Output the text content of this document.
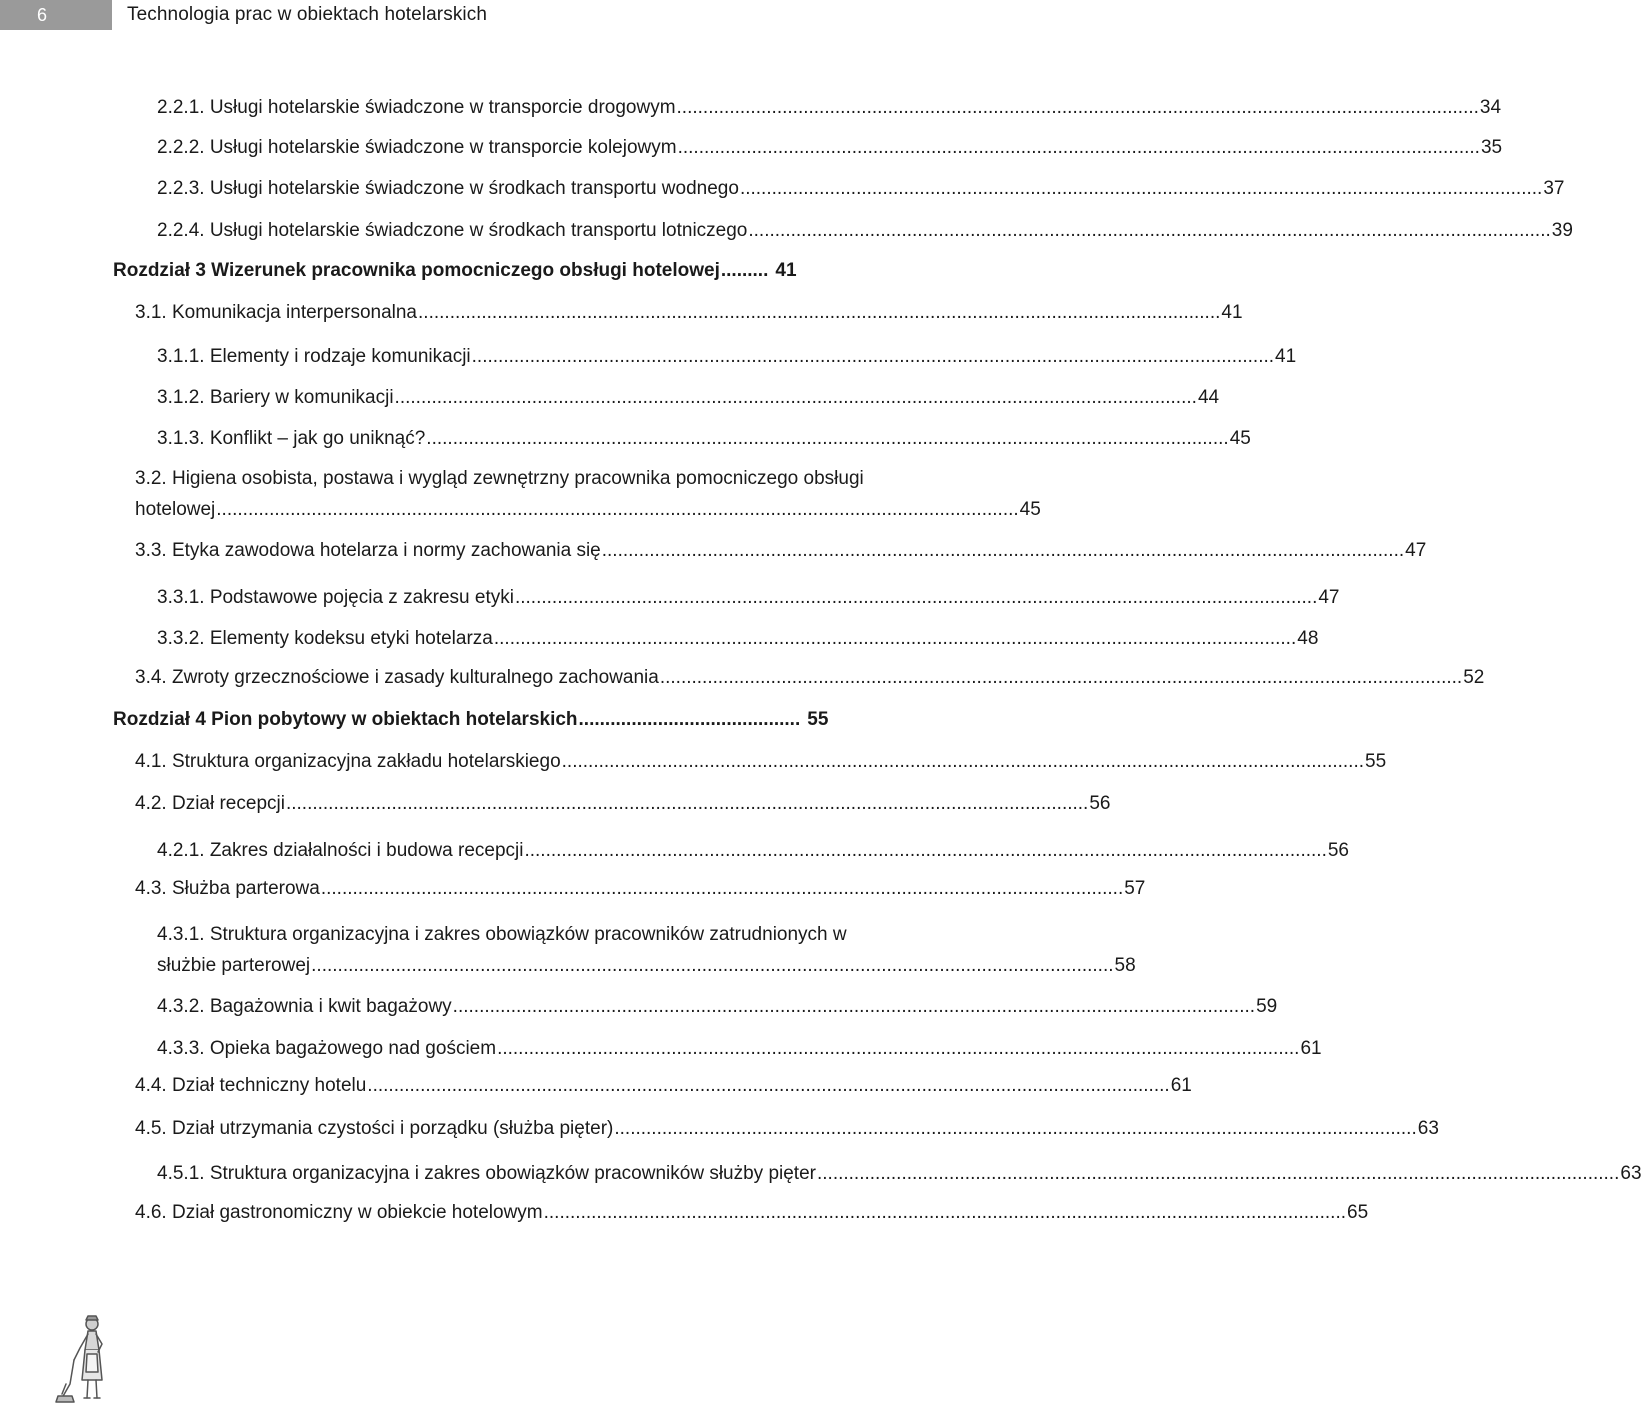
6	Technologia prac w obiektach hotelarskich
2.2.1. Usługi hotelarskie świadczone w transporcie drogowym ........................................................................................................................................................ 34
2.2.2. Usługi hotelarskie świadczone w transporcie kolejowym ........................................................................................................................................................ 35
2.2.3. Usługi hotelarskie świadczone w środkach transportu wodnego ........................................................................................................................................................ 37
2.2.4. Usługi hotelarskie świadczone w środkach transportu lotniczego ........................................................................................................................................................ 39
Rozdział 3 Wizerunek pracownika pomocniczego obsługi hotelowej ......... 41
3.1. Komunikacja interpersonalna ........................................................................................................................................................ 41
3.1.1. Elementy i rodzaje komunikacji ........................................................................................................................................................ 41
3.1.2. Bariery w komunikacji ........................................................................................................................................................ 44
3.1.3. Konflikt – jak go uniknąć? ........................................................................................................................................................ 45
3.2. Higiena osobista, postawa i wygląd zewnętrzny pracownika pomocniczego obsługi
hotelowej ........................................................................................................................................................ 45
3.3. Etyka zawodowa hotelarza i normy zachowania się ........................................................................................................................................................ 47
3.3.1. Podstawowe pojęcia z zakresu etyki ........................................................................................................................................................ 47
3.3.2. Elementy kodeksu etyki hotelarza ........................................................................................................................................................ 48
3.4. Zwroty grzecznościowe i zasady kulturalnego zachowania ........................................................................................................................................................ 52
Rozdział 4 Pion pobytowy w obiektach hotelarskich .......................................... 55
4.1. Struktura organizacyjna zakładu hotelarskiego ........................................................................................................................................................ 55
4.2. Dział recepcji ........................................................................................................................................................ 56
4.2.1. Zakres działalności i budowa recepcji ........................................................................................................................................................ 56
4.3. Służba parterowa ........................................................................................................................................................ 57
4.3.1. Struktura organizacyjna i zakres obowiązków pracowników zatrudnionych w
służbie parterowej ........................................................................................................................................................ 58
4.3.2. Bagażownia i kwit bagażowy ........................................................................................................................................................ 59
4.3.3. Opieka bagażowego nad gościem ........................................................................................................................................................ 61
4.4. Dział techniczny hotelu ........................................................................................................................................................ 61
4.5. Dział utrzymania czystości i porządku (służba pięter) ........................................................................................................................................................ 63
4.5.1. Struktura organizacyjna i zakres obowiązków pracowników służby pięter ........................................................................................................................................................ 63
4.6. Dział gastronomiczny w obiekcie hotelowym ........................................................................................................................................................ 65
